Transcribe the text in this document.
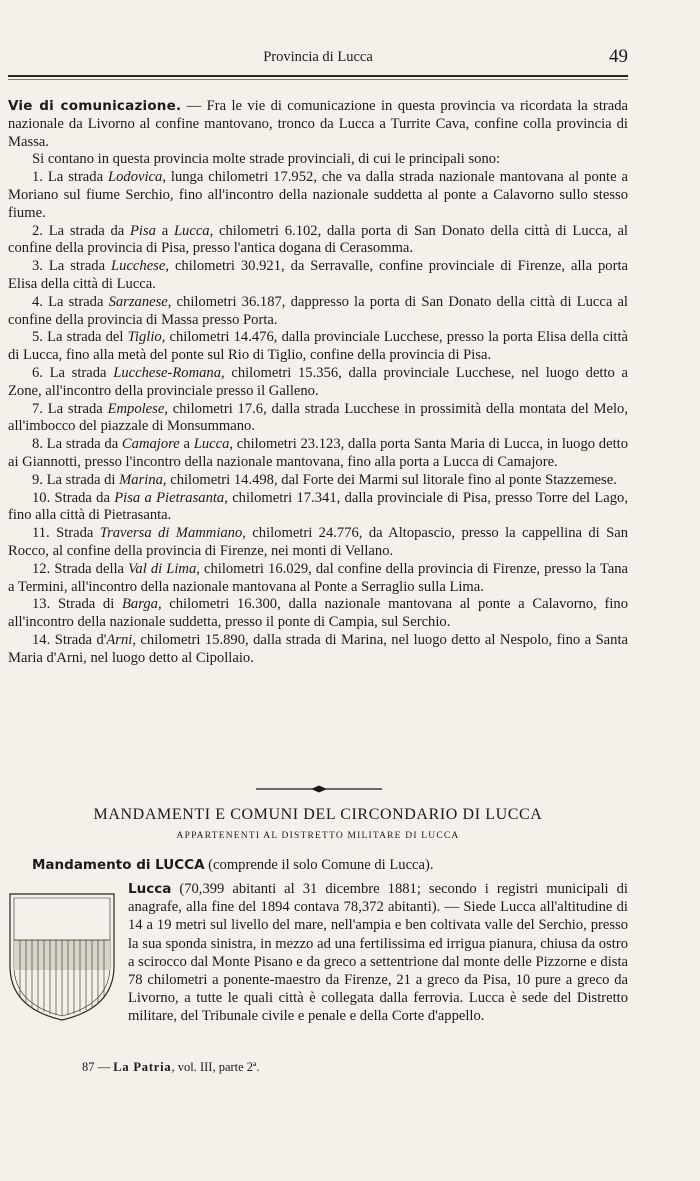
Provincia di Lucca	49

Vie di comunicazione. — Fra le vie di comunicazione in questa provincia va ricordata la strada nazionale da Livorno al confine mantovano, tronco da Lucca a Turrite Cava, confine colla provincia di Massa.

Si contano in questa provincia molte strade provinciali, di cui le principali sono:

1. La strada Lodovica, lunga chilometri 17.952, che va dalla strada nazionale mantovana al ponte a Moriano sul fiume Serchio, fino all'incontro della nazionale suddetta al ponte a Calavorno sullo stesso fiume.

2. La strada da Pisa a Lucca, chilometri 6.102, dalla porta di San Donato della città di Lucca, al confine della provincia di Pisa, presso l'antica dogana di Cerasomma.

3. La strada Lucchese, chilometri 30.921, da Serravalle, confine provinciale di Firenze, alla porta Elisa della città di Lucca.

4. La strada Sarzanese, chilometri 36.187, dappresso la porta di San Donato della città di Lucca al confine della provincia di Massa presso Porta.

5. La strada del Tiglio, chilometri 14.476, dalla provinciale Lucchese, presso la porta Elisa della città di Lucca, fino alla metà del ponte sul Rio di Tiglio, confine della provincia di Pisa.

6. La strada Lucchese-Romana, chilometri 15.356, dalla provinciale Lucchese, nel luogo detto a Zone, all'incontro della provinciale presso il Galleno.

7. La strada Empolese, chilometri 17.6, dalla strada Lucchese in prossimità della montata del Melo, all'imbocco del piazzale di Monsummano.

8. La strada da Camajore a Lucca, chilometri 23.123, dalla porta Santa Maria di Lucca, in luogo detto ai Giannotti, presso l'incontro della nazionale mantovana, fino alla porta a Lucca di Camajore.

9. La strada di Marina, chilometri 14.498, dal Forte dei Marmi sul litorale fino al ponte Stazzemese.

10. Strada da Pisa a Pietrasanta, chilometri 17.341, dalla provinciale di Pisa, presso Torre del Lago, fino alla città di Pietrasanta.

11. Strada Traversa di Mammiano, chilometri 24.776, da Altopascio, presso la cappellina di San Rocco, al confine della provincia di Firenze, nei monti di Vellano.

12. Strada della Val di Lima, chilometri 16.029, dal confine della provincia di Firenze, presso la Tana a Termini, all'incontro della nazionale mantovana al Ponte a Serraglio sulla Lima.

13. Strada di Barga, chilometri 16.300, dalla nazionale mantovana al ponte a Calavorno, fino all'incontro della nazionale suddetta, presso il ponte di Campia, sul Serchio.

14. Strada d'Arni, chilometri 15.890, dalla strada di Marina, nel luogo detto al Nespolo, fino a Santa Maria d'Arni, nel luogo detto al Cipollaio.

MANDAMENTI E COMUNI DEL CIRCONDARIO DI LUCCA
APPARTENENTI AL DISTRETTO MILITARE DI LUCCA
Mandamento di LUCCA (comprende il solo Comune di Lucca).

Lucca (70,399 abitanti al 31 dicembre 1881; secondo i registri municipali di anagrafe, alla fine del 1894 contava 78,372 abitanti). — Siede Lucca all'altitudine di 14 a 19 metri sul livello del mare, nell'ampia e ben coltivata valle del Serchio, presso la sua sponda sinistra, in mezzo ad una fertilissima ed irrigua pianura, chiusa da ostro a scirocco dal Monte Pisano e da greco a settentrione dal monte delle Pizzorne e dista 78 chilometri a ponente-maestro da Firenze, 21 a greco da Pisa, 10 pure a greco da Livorno, a tutte le quali città è collegata dalla ferrovia. Lucca è sede del Distretto militare, del Tribunale civile e penale e della Corte d'appello.

87 — La Patria, vol. III, parte 2ª.
